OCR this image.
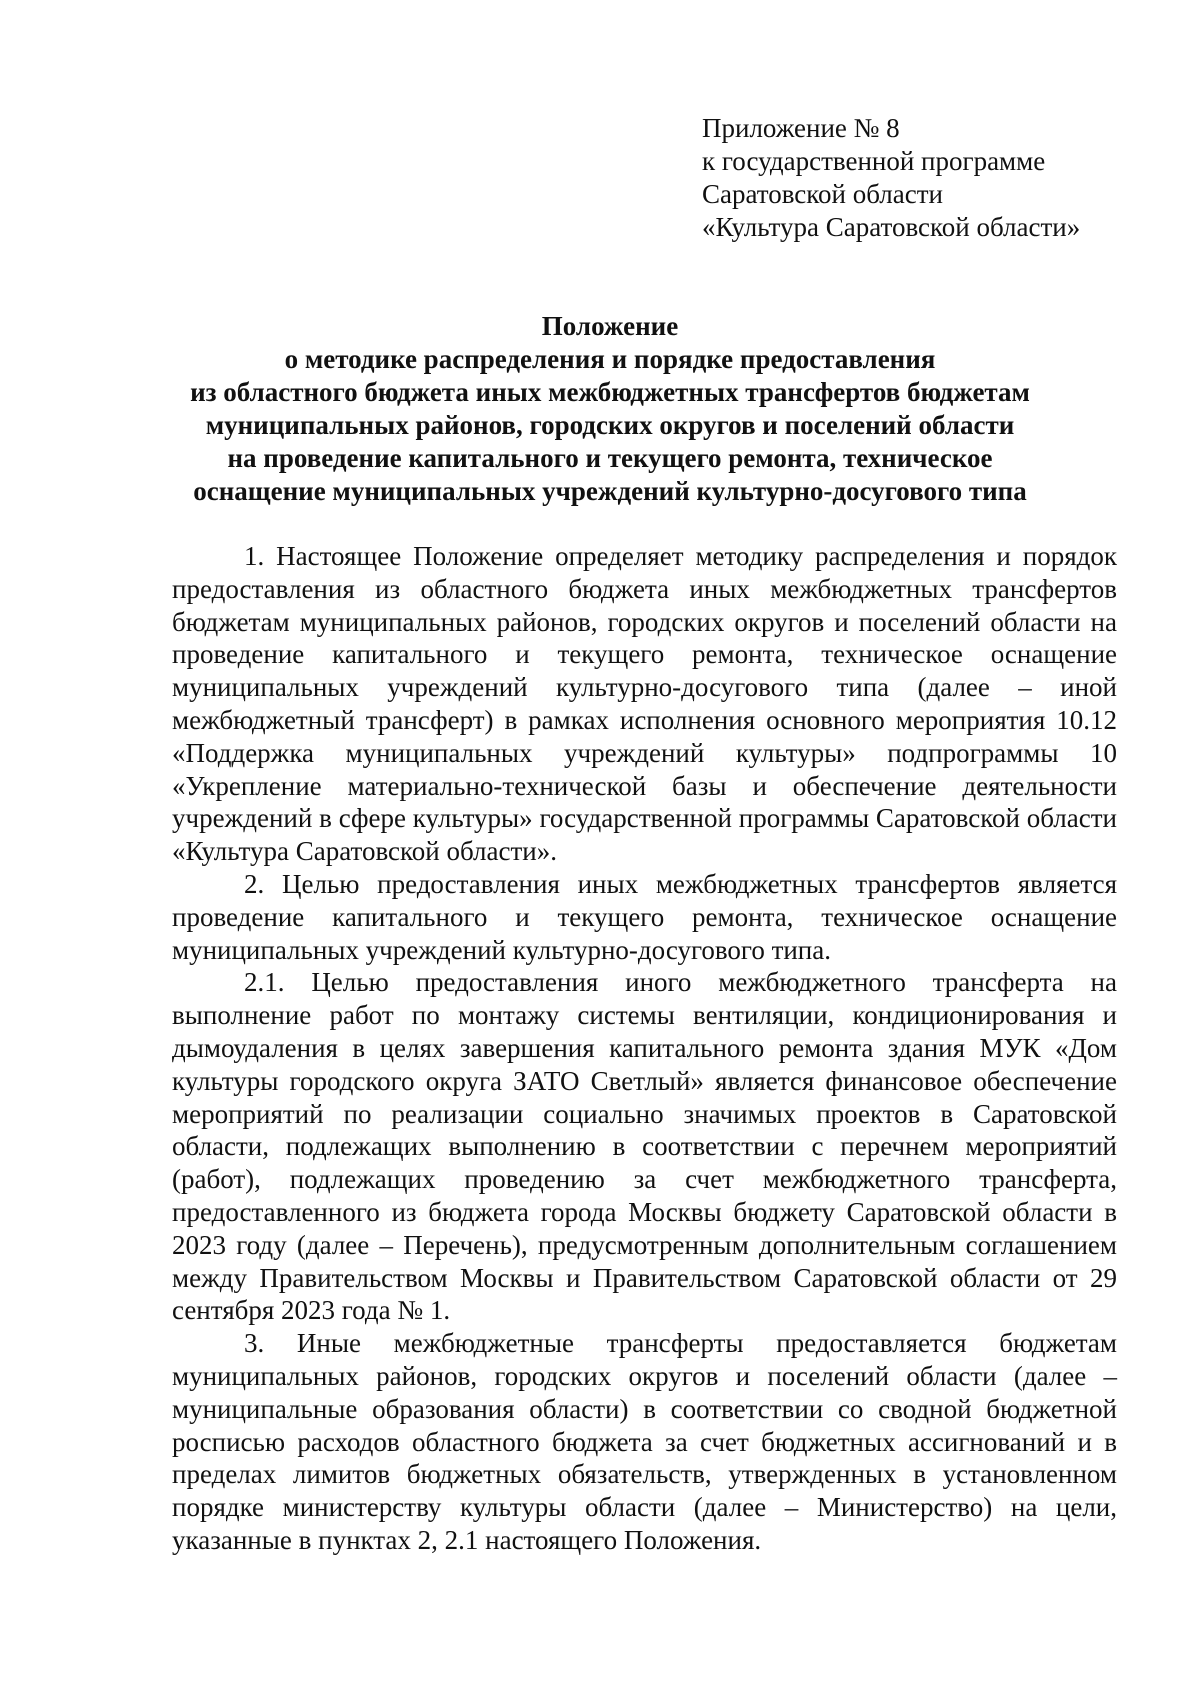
Приложение № 8
к государственной программе
Саратовской области
«Культура Саратовской области»
Положение
о методике распределения и порядке предоставления
из областного бюджета иных межбюджетных трансфертов бюджетам
муниципальных районов, городских округов и поселений области
на проведение капитального и текущего ремонта, техническое
оснащение муниципальных учреждений культурно-досугового типа

1. Настоящее Положение определяет методику распределения и порядок предоставления из областного бюджета иных межбюджетных трансфертов бюджетам муниципальных районов, городских округов и поселений области на проведение капитального и текущего ремонта, техническое оснащение муниципальных учреждений культурно-досугового типа (далее – иной межбюджетный трансферт) в рамках исполнения основного мероприятия 10.12 «Поддержка муниципальных учреждений культуры» подпрограммы 10 «Укрепление материально-технической базы и обеспечение деятельности учреждений в сфере культуры» государственной программы Саратовской области «Культура Саратовской области».

2. Целью предоставления иных межбюджетных трансфертов является проведение капитального и текущего ремонта, техническое оснащение муниципальных учреждений культурно-досугового типа.

2.1. Целью предоставления иного межбюджетного трансферта на выполнение работ по монтажу системы вентиляции, кондиционирования и дымоудаления в целях завершения капитального ремонта здания МУК «Дом культуры городского округа ЗАТО Светлый» является финансовое обеспечение мероприятий по реализации социально значимых проектов в Саратовской области, подлежащих выполнению в соответствии с перечнем мероприятий (работ), подлежащих проведению за счет межбюджетного трансферта, предоставленного из бюджета города Москвы бюджету Саратовской области в 2023 году (далее – Перечень), предусмотренным дополнительным соглашением между Правительством Москвы и Правительством Саратовской области от 29 сентября 2023 года № 1.

3. Иные межбюджетные трансферты предоставляется бюджетам муниципальных районов, городских округов и поселений области (далее – муниципальные образования области) в соответствии со сводной бюджетной росписью расходов областного бюджета за счет бюджетных ассигнований и в пределах лимитов бюджетных обязательств, утвержденных в установленном порядке министерству культуры области (далее – Министерство) на цели, указанные в пунктах 2, 2.1 настоящего Положения.
